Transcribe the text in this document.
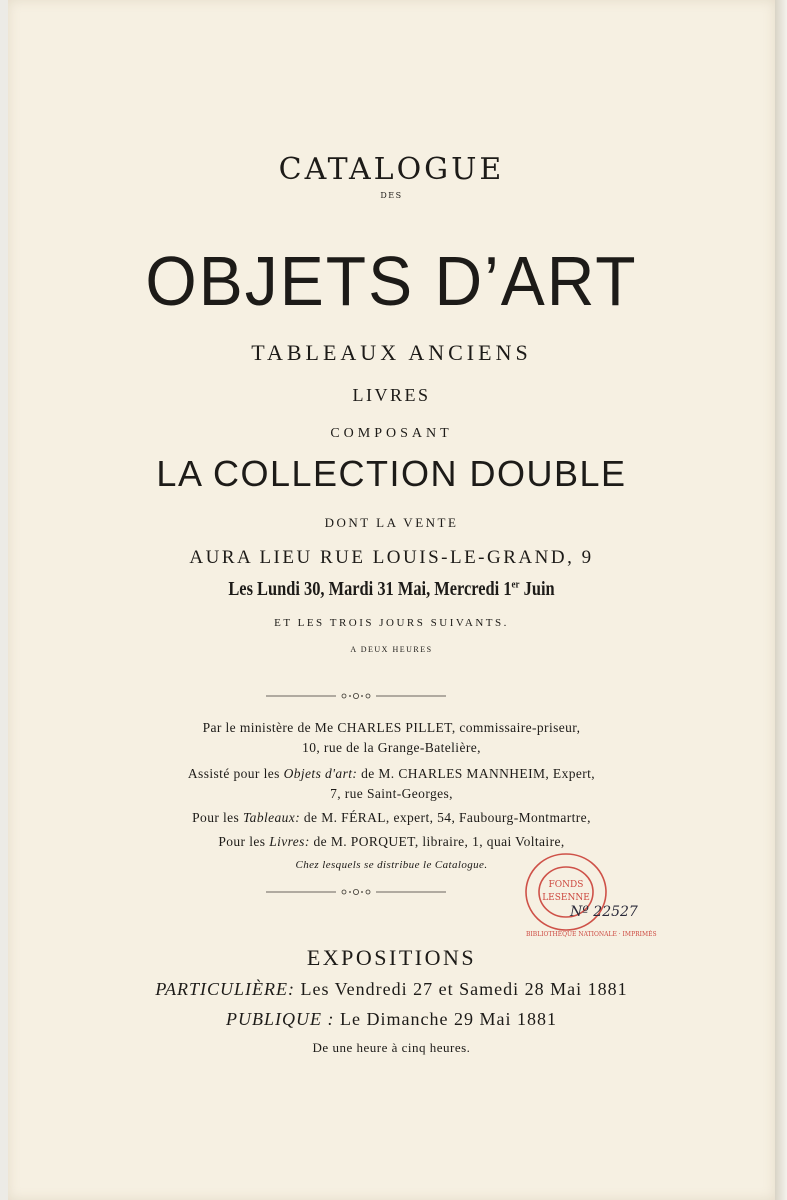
CATALOGUE
DES
OBJETS D’ART
TABLEAUX ANCIENS
LIVRES
COMPOSANT
LA COLLECTION DOUBLE
DONT LA VENTE
AURA LIEU RUE LOUIS-LE-GRAND, 9
Les Lundi 30, Mardi 31 Mai, Mercredi 1er Juin
ET LES TROIS JOURS SUIVANTS.
A DEUX HEURES
Par le ministère de Me CHARLES PILLET, commissaire-priseur,
10, rue de la Grange-Batelière,
Assisté pour les Objets d'art: de M. CHARLES MANNHEIM, Expert,
7, rue Saint-Georges,
Pour les Tableaux: de M. FÉRAL, expert, 54, Faubourg-Montmartre,
Pour les Livres: de M. PORQUET, libraire, 1, quai Voltaire,
Chez lesquels se distribue le Catalogue.
EXPOSITIONS
PARTICULIÈRE: Les Vendredi 27 et Samedi 28 Mai 1881
PUBLIQUE : Le Dimanche 29 Mai 1881
De une heure à cinq heures.
FONDS
LESENNE
BIBLIOTHÈQUE NATIONALE · IMPRIMÉS
Nº 22527
